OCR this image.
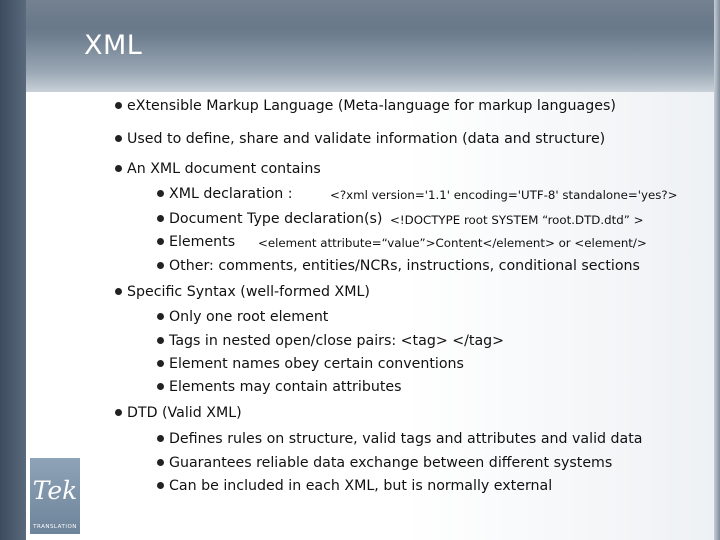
XML
eXtensible Markup Language (Meta-language for markup languages)
Used to define, share and validate information (data and structure)
An XML document contains
XML declaration :	<?xml version='1.1' encoding='UTF-8' standalone='yes?>
Document Type declaration(s) <!DOCTYPE root SYSTEM “root.DTD.dtd” >
Elements <element attribute=“value”>Content</element> or <element/>
Other: comments, entities/NCRs, instructions, conditional sections
Specific Syntax (well-formed XML)
Only one root element
Tags in nested open/close pairs: <tag> </tag>
Element names obey certain conventions
Elements may contain attributes
DTD (Valid XML)
Defines rules on structure, valid tags and attributes and valid data
Guarantees reliable data exchange between different systems
Can be included in each XML, but is normally external
Tek
TRANSLATION
